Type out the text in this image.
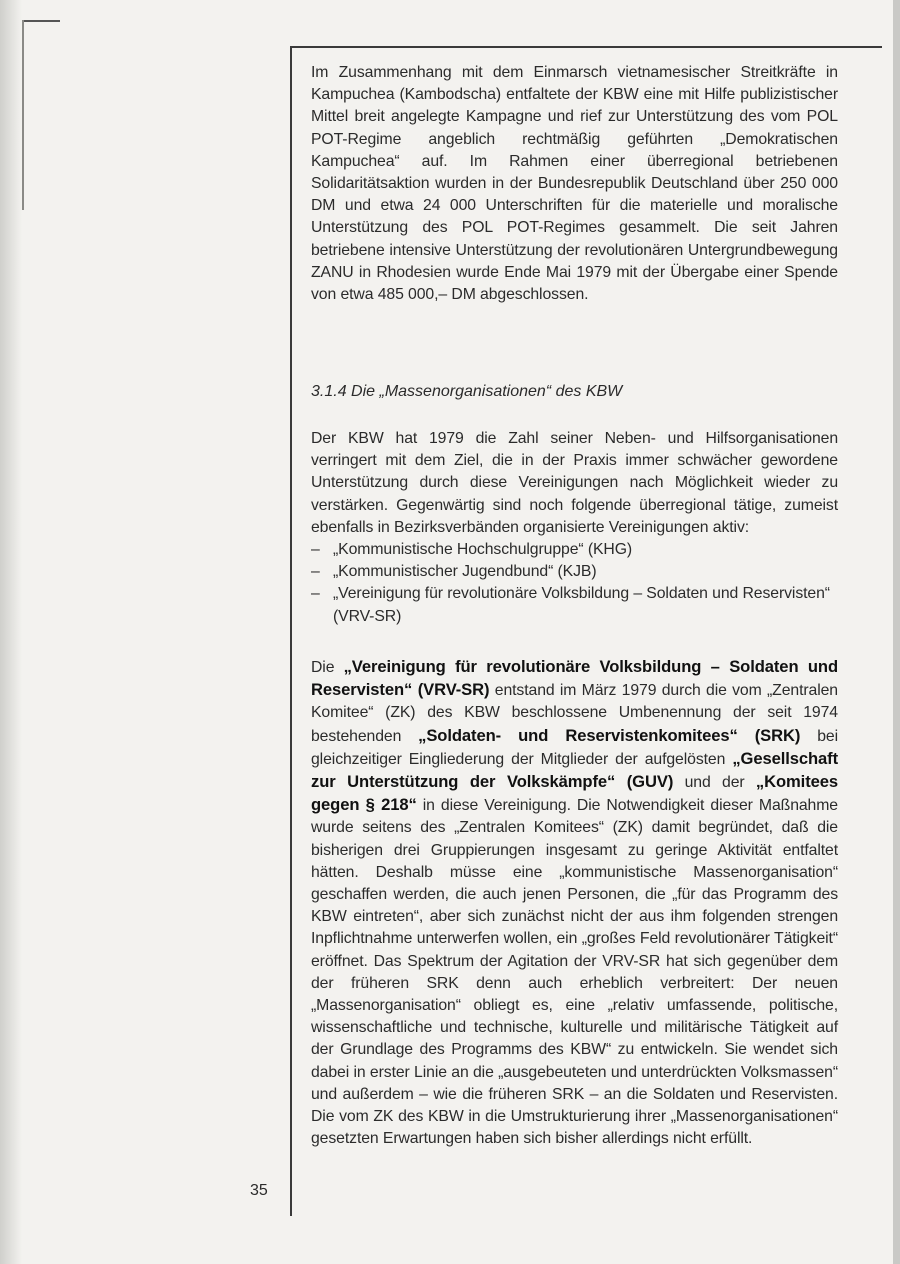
Im Zusammenhang mit dem Einmarsch vietnamesischer Streitkräfte in Kampuchea (Kambodscha) entfaltete der KBW eine mit Hilfe publizistischer Mittel breit angelegte Kampagne und rief zur Unterstützung des vom POL POT-Regime angeblich rechtmäßig geführten „Demokratischen Kampuchea“ auf. Im Rahmen einer überregional betriebenen Solidaritätsaktion wurden in der Bundesrepublik Deutschland über 250 000 DM und etwa 24 000 Unterschriften für die materielle und moralische Unterstützung des POL POT-Regimes gesammelt. Die seit Jahren betriebene intensive Unterstützung der revolutionären Untergrundbewegung ZANU in Rhodesien wurde Ende Mai 1979 mit der Übergabe einer Spende von etwa 485 000,– DM abgeschlossen.

3.1.4 Die „Massenorganisationen“ des KBW

Der KBW hat 1979 die Zahl seiner Neben- und Hilfsorganisationen verringert mit dem Ziel, die in der Praxis immer schwächer gewordene Unterstützung durch diese Vereinigungen nach Möglichkeit wieder zu verstärken. Gegenwärtig sind noch folgende überregional tätige, zumeist ebenfalls in Bezirksverbänden organisierte Vereinigungen aktiv:

– „Kommunistische Hochschulgruppe“ (KHG)
– „Kommunistischer Jugendbund“ (KJB)
– „Vereinigung für revolutionäre Volksbildung – Soldaten und Reservisten“ (VRV-SR)

Die „Vereinigung für revolutionäre Volksbildung – Soldaten und Reservisten“ (VRV-SR) entstand im März 1979 durch die vom „Zentralen Komitee“ (ZK) des KBW beschlossene Umbenennung der seit 1974 bestehenden „Soldaten- und Reservistenkomitees“ (SRK) bei gleichzeitiger Eingliederung der Mitglieder der aufgelösten „Gesellschaft zur Unterstützung der Volkskämpfe“ (GUV) und der „Komitees gegen § 218“ in diese Vereinigung. Die Notwendigkeit dieser Maßnahme wurde seitens des „Zentralen Komitees“ (ZK) damit begründet, daß die bisherigen drei Gruppierungen insgesamt zu geringe Aktivität entfaltet hätten. Deshalb müsse eine „kommunistische Massenorganisation“ geschaffen werden, die auch jenen Personen, die „für das Programm des KBW eintreten“, aber sich zunächst nicht der aus ihm folgenden strengen Inpflichtnahme unterwerfen wollen, ein „großes Feld revolutionärer Tätigkeit“ eröffnet. Das Spektrum der Agitation der VRV-SR hat sich gegenüber dem der früheren SRK denn auch erheblich verbreitert: Der neuen „Massenorganisation“ obliegt es, eine „relativ umfassende, politische, wissenschaftliche und technische, kulturelle und militärische Tätigkeit auf der Grundlage des Programms des KBW“ zu entwickeln. Sie wendet sich dabei in erster Linie an die „ausgebeuteten und unterdrückten Volksmassen“ und außerdem – wie die früheren SRK – an die Soldaten und Reservisten. Die vom ZK des KBW in die Umstrukturierung ihrer „Massenorganisationen“ gesetzten Erwartungen haben sich bisher allerdings nicht erfüllt.

35
